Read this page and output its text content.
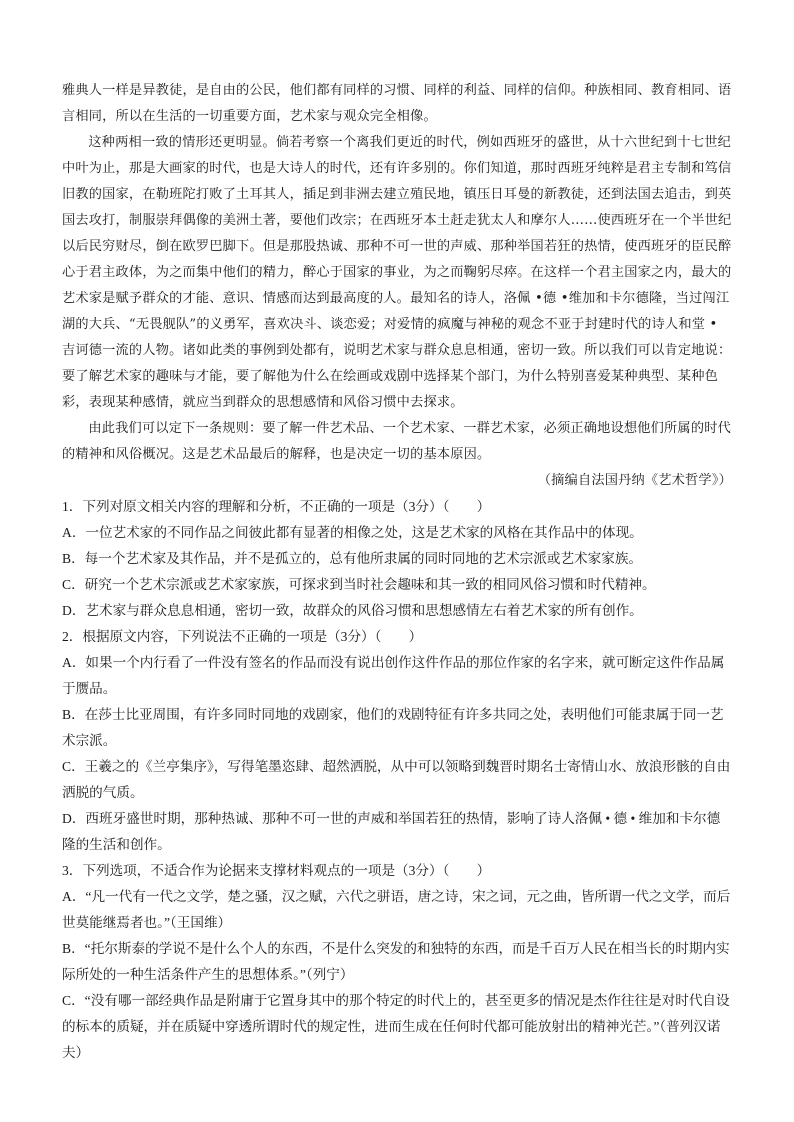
雅典人一样是异教徒，是自由的公民，他们都有同样的习惯、同样的利益、同样的信仰。种族相同、教育相同、语言相同，所以在生活的一切重要方面，艺术家与观众完全相像。

这种两相一致的情形还更明显。倘若考察一个离我们更近的时代，例如西班牙的盛世，从十六世纪到十七世纪中叶为止，那是大画家的时代，也是大诗人的时代，还有许多别的。你们知道，那时西班牙纯粹是君主专制和笃信旧教的国家，在勒班陀打败了土耳其人，插足到非洲去建立殖民地，镇压日耳曼的新教徒，还到法国去追击，到英国去攻打，制服崇拜偶像的美洲土著，要他们改宗；在西班牙本土赶走犹太人和摩尔人……使西班牙在一个半世纪以后民穷财尽，倒在欧罗巴脚下。但是那股热诚、那种不可一世的声威、那种举国若狂的热情，使西班牙的臣民醉心于君主政体，为之而集中他们的精力，醉心于国家的事业，为之而鞠躬尽瘁。在这样一个君主国家之内，最大的艺术家是赋予群众的才能、意识、情感而达到最高度的人。最知名的诗人，洛佩 •德 •维加和卡尔德隆，当过闯江湖的大兵、“无畏舰队”的义勇军，喜欢决斗、谈恋爱；对爱情的疯魔与神秘的观念不亚于封建时代的诗人和堂 • 吉诃德一流的人物。诸如此类的事例到处都有，说明艺术家与群众息息相通，密切一致。所以我们可以肯定地说：要了解艺术家的趣味与才能，要了解他为什么在绘画或戏剧中选择某个部门，为什么特别喜爱某种典型、某种色彩，表现某种感情，就应当到群众的思想感情和风俗习惯中去探求。

由此我们可以定下一条规则：要了解一件艺术品、一个艺术家、一群艺术家，必须正确地设想他们所属的时代的精神和风俗概况。这是艺术品最后的解释，也是决定一切的基本原因。

（摘编自法国丹纳《艺术哲学》）

1．下列对原文相关内容的理解和分析，不正确的一项是（3分）（　　）

A．一位艺术家的不同作品之间彼此都有显著的相像之处，这是艺术家的风格在其作品中的体现。

B．每一个艺术家及其作品，并不是孤立的，总有他所隶属的同时同地的艺术宗派或艺术家家族。

C．研究一个艺术宗派或艺术家家族，可探求到当时社会趣味和其一致的相同风俗习惯和时代精神。

D．艺术家与群众息息相通，密切一致，故群众的风俗习惯和思想感情左右着艺术家的所有创作。

2．根据原文内容，下列说法不正确的一项是（3分）（　　）

A．如果一个内行看了一件没有签名的作品而没有说出创作这件作品的那位作家的名字来，就可断定这件作品属于赝品。

B．在莎士比亚周围，有许多同时同地的戏剧家，他们的戏剧特征有许多共同之处，表明他们可能隶属于同一艺术宗派。

C．王羲之的《兰亭集序》，写得笔墨恣肆、超然洒脱，从中可以领略到魏晋时期名士寄情山水、放浪形骸的自由洒脱的气质。

D．西班牙盛世时期，那种热诚、那种不可一世的声威和举国若狂的热情，影响了诗人洛佩 • 德 • 维加和卡尔德隆的生活和创作。

3．下列选项，不适合作为论据来支撑材料观点的一项是（3分）（　　）

A．“凡一代有一代之文学，楚之骚，汉之赋，六代之骈语，唐之诗，宋之词，元之曲，皆所谓一代之文学，而后世莫能继焉者也。”（王国维）

B．“托尔斯泰的学说不是什么个人的东西，不是什么突发的和独特的东西，而是千百万人民在相当长的时期内实际所处的一种生活条件产生的思想体系。”（列宁）

C．“没有哪一部经典作品是附庸于它置身其中的那个特定的时代上的，甚至更多的情况是杰作往往是对时代自设的标本的质疑，并在质疑中穿透所谓时代的规定性，进而生成在任何时代都可能放射出的精神光芒。”（普列汉诺夫）
